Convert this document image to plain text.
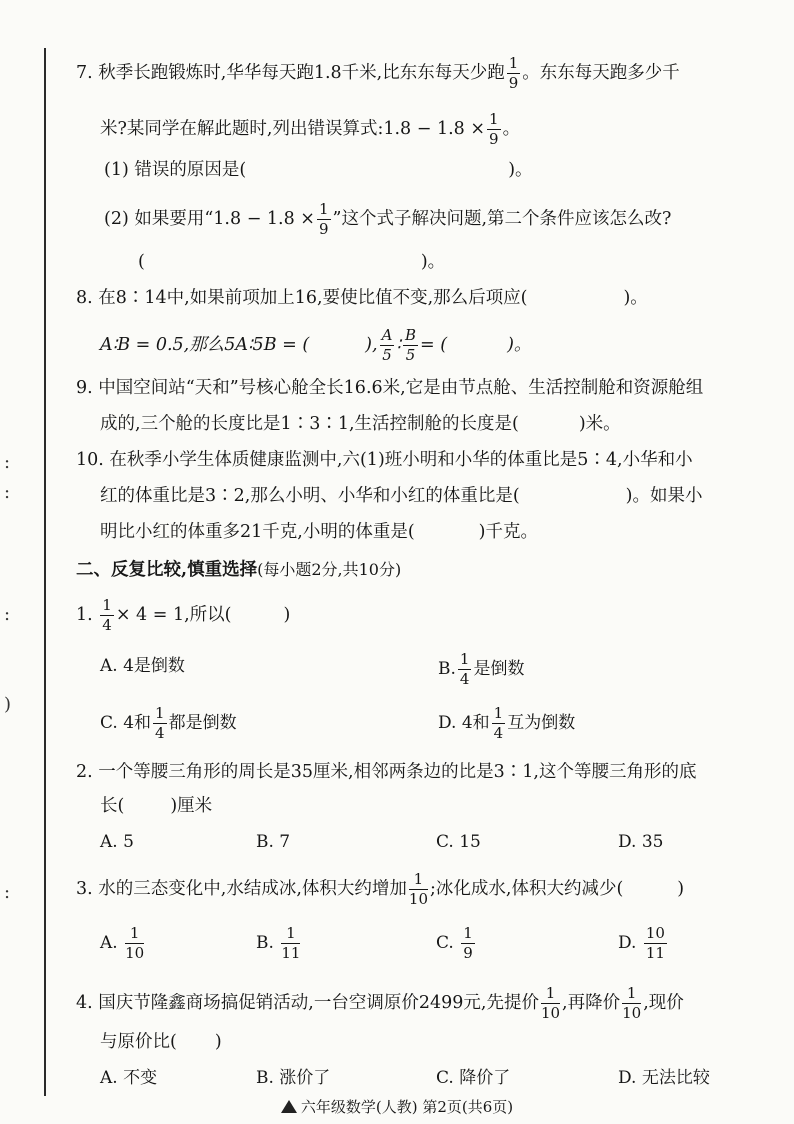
:
:
:
)
:
7. 秋季长跑锻炼时,华华每天跑1.8千米,比东东每天少跑 $\frac{1}{9}$ 。东东每天跑多少千
米?某同学在解此题时,列出错误算式:1.8 − $1.8 \times \frac{1}{9}$ 。
(1) 错误的原因是(	)。
(2) 如果要用“$1.8 - 1.8 \times \frac{1}{9}$ ”这个式子解决问题,第二个条件应该怎么改?
(	)。
8. 在8∶14中,如果前项加上16,要使比值不变,那么后项应(	)。
A∶B = 0.5,那么5A∶5B = (	), $\frac{A}{5}$ ∶ $\frac{B}{5}$ = (	)。
9. 中国空间站“天和”号核心舱全长16.6米,它是由节点舱、生活控制舱和资源舱组
成的,三个舱的长度比是1∶3∶1,生活控制舱的长度是(	)米。
10. 在秋季小学生体质健康监测中,六(1)班小明和小华的体重比是5∶4,小华和小
红的体重比是3∶2,那么小明、小华和小红的体重比是(	)。如果小
明比小红的体重多21千克,小明的体重是(	)千克。
二、反复比较,慎重选择(每小题2分,共10分)
1. $\frac{1}{4} \times 4 = 1$,所以(	)
A. 4是倒数	B. $\frac{1}{4}$ 是倒数
C. 4和 $\frac{1}{4}$ 都是倒数	D. 4和 $\frac{1}{4}$ 互为倒数
2. 一个等腰三角形的周长是35厘米,相邻两条边的比是3∶1,这个等腰三角形的底
长(	)厘米
A. 5	B. 7	C. 15	D. 35
3. 水的三态变化中,水结成冰,体积大约增加 $\frac{1}{10}$ ;冰化成水,体积大约减少(	)
A. $\frac{1}{10}$	B. $\frac{1}{11}$	C. $\frac{1}{9}$	D. $\frac{10}{11}$
4. 国庆节隆鑫商场搞促销活动,一台空调原价2499元,先提价 $\frac{1}{10}$ ,再降价 $\frac{1}{10}$ ,现价
与原价比( )
A. 不变	B. 涨价了	C. 降价了	D. 无法比较
六年级数学(人教) 第2页(共6页)
